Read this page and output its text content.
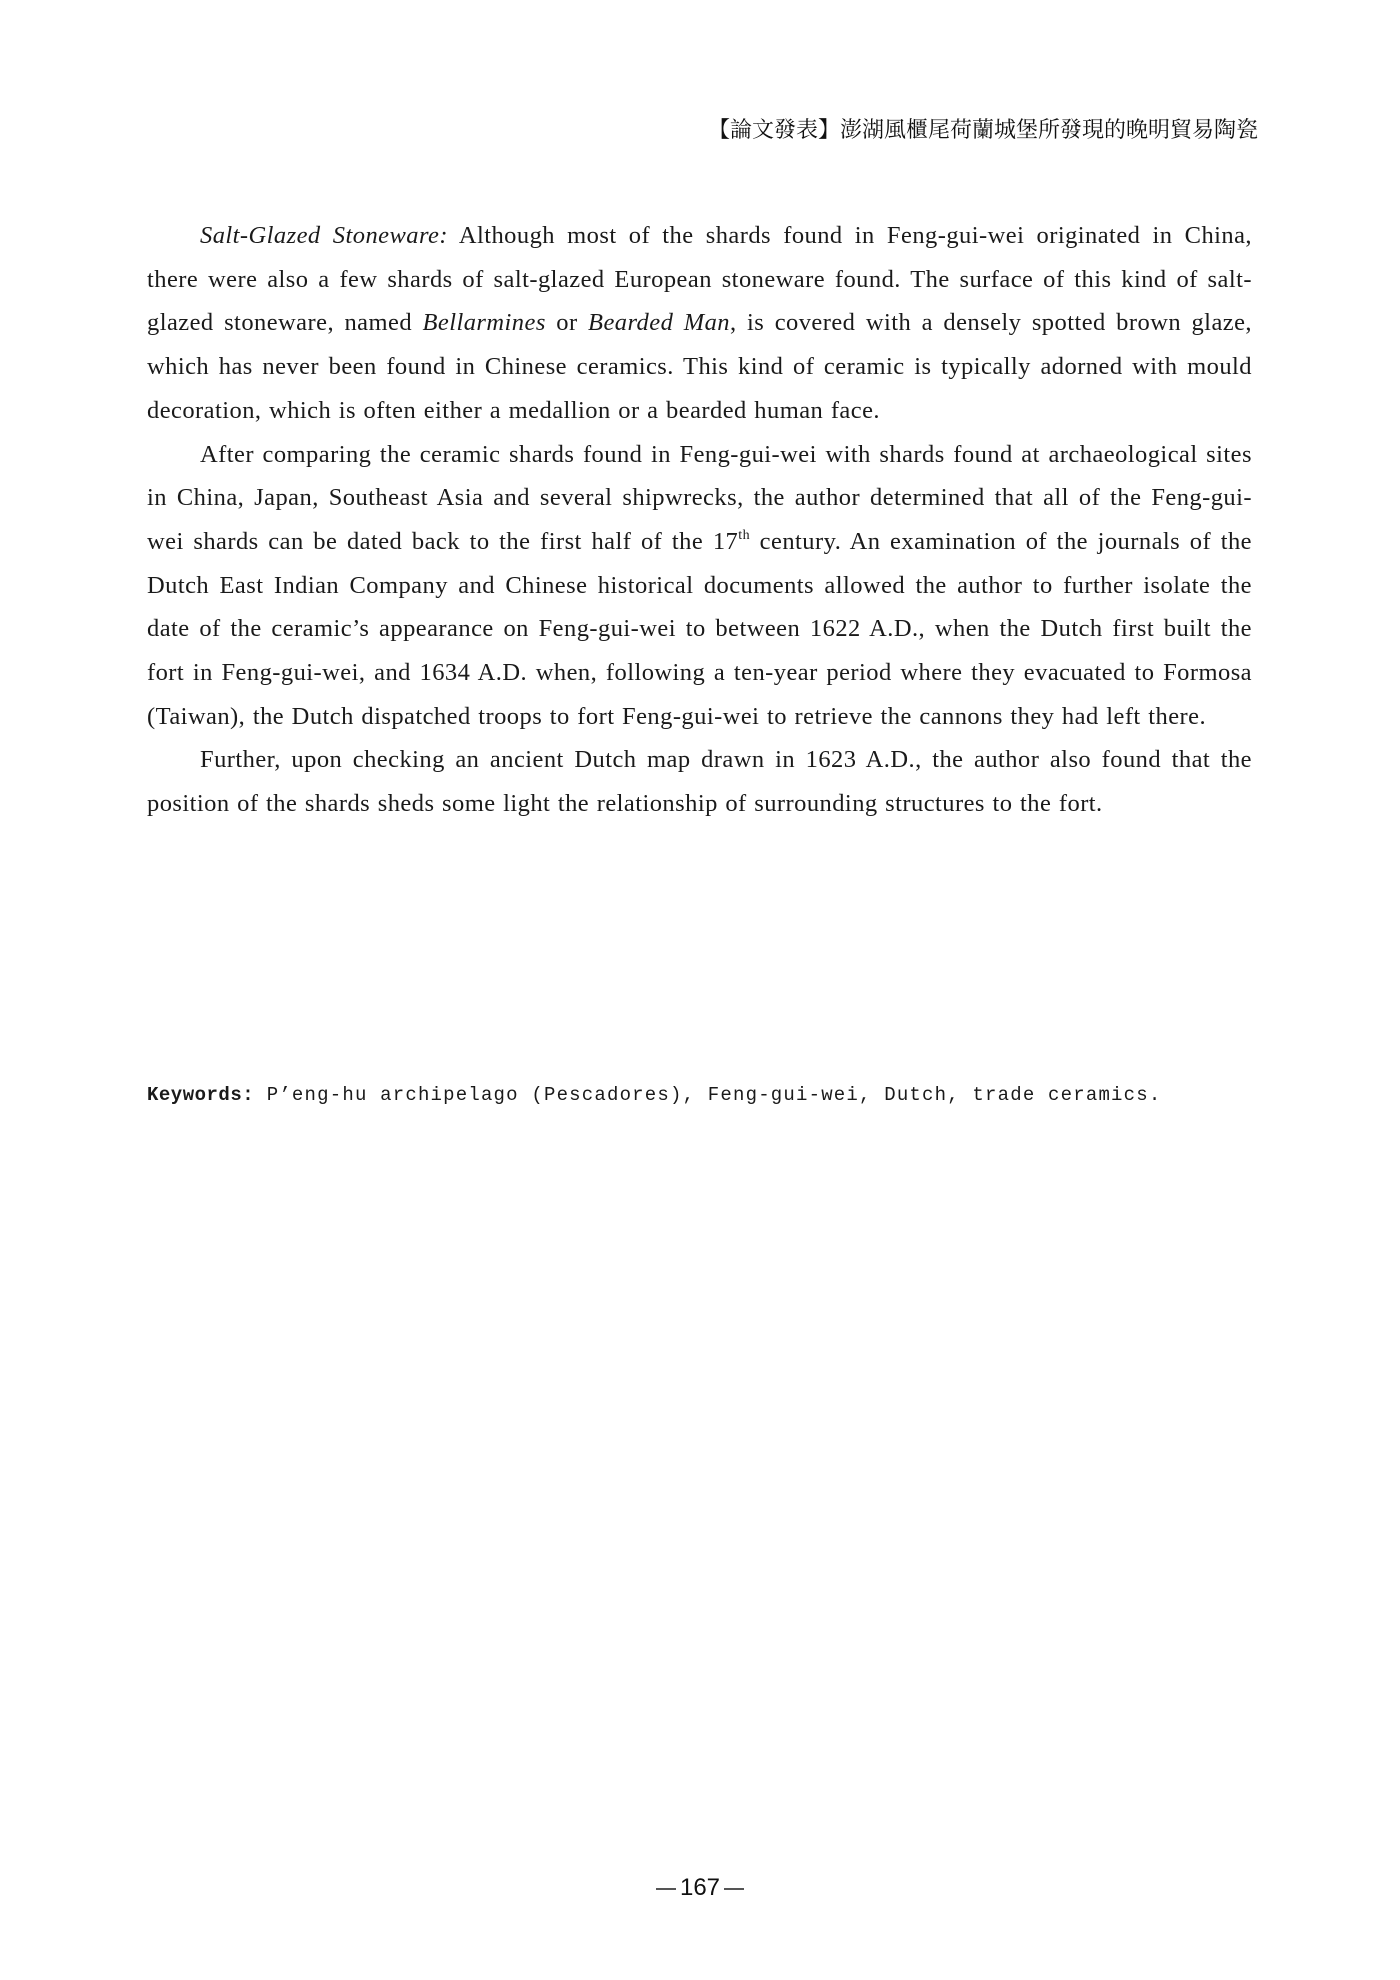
【論文發表】澎湖風櫃尾荷蘭城堡所發現的晚明貿易陶瓷

Salt-Glazed Stoneware: Although most of the shards found in Feng-gui-wei originated in China, there were also a few shards of salt-glazed European stoneware found. The surface of this kind of salt-glazed stoneware, named Bellarmines or Bearded Man, is covered with a densely spotted brown glaze, which has never been found in Chinese ceramics. This kind of ceramic is typically adorned with mould decoration, which is often either a medallion or a bearded human face.

After comparing the ceramic shards found in Feng-gui-wei with shards found at archaeological sites in China, Japan, Southeast Asia and several shipwrecks, the author determined that all of the Feng-gui-wei shards can be dated back to the first half of the 17th century. An examination of the journals of the Dutch East Indian Company and Chinese historical documents allowed the author to further isolate the date of the ceramic’s appearance on Feng-gui-wei to between 1622 A.D., when the Dutch first built the fort in Feng-gui-wei, and 1634 A.D. when, following a ten-year period where they evacuated to Formosa (Taiwan), the Dutch dispatched troops to fort Feng-gui-wei to retrieve the cannons they had left there.

Further, upon checking an ancient Dutch map drawn in 1623 A.D., the author also found that the position of the shards sheds some light the relationship of surrounding structures to the fort.

Keywords: P’eng-hu archipelago (Pescadores), Feng-gui-wei, Dutch, trade ceramics.
167
